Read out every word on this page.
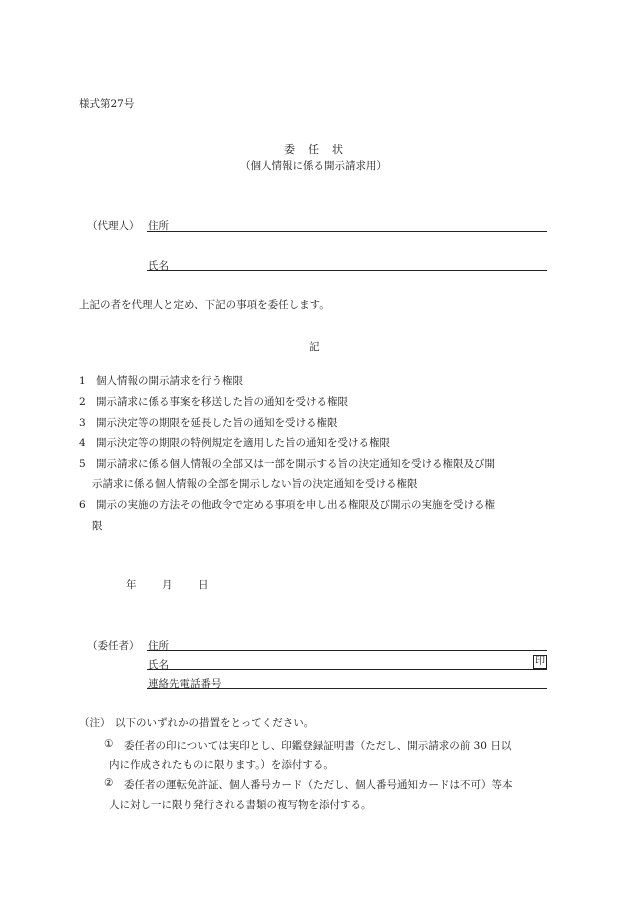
様式第27号
委　任　状
（個人情報に係る開示請求用）
（代理人） 住所
氏名
上記の者を代理人と定め、下記の事項を委任します。
記
1 個人情報の開示請求を行う権限
2 開示請求に係る事案を移送した旨の通知を受ける権限
3 開示決定等の期限を延長した旨の通知を受ける権限
4 開示決定等の期限の特例規定を適用した旨の通知を受ける権限
5 開示請求に係る個人情報の全部又は一部を開示する旨の決定通知を受ける権限及び開
示請求に係る個人情報の全部を開示しない旨の決定通知を受ける権限
6 開示の実施の方法その他政令で定める事項を申し出る権限及び開示の実施を受ける権
限
年 月 日
（委任者） 住所
氏名	印
連絡先電話番号
（注） 以下のいずれかの措置をとってください。
① 委任者の印については実印とし、印鑑登録証明書（ただし、開示請求の前 30 日以
内に作成されたものに限ります。）を添付する。
② 委任者の運転免許証、個人番号カード（ただし、個人番号通知カードは不可）等本
人に対し一に限り発行される書類の複写物を添付する。
